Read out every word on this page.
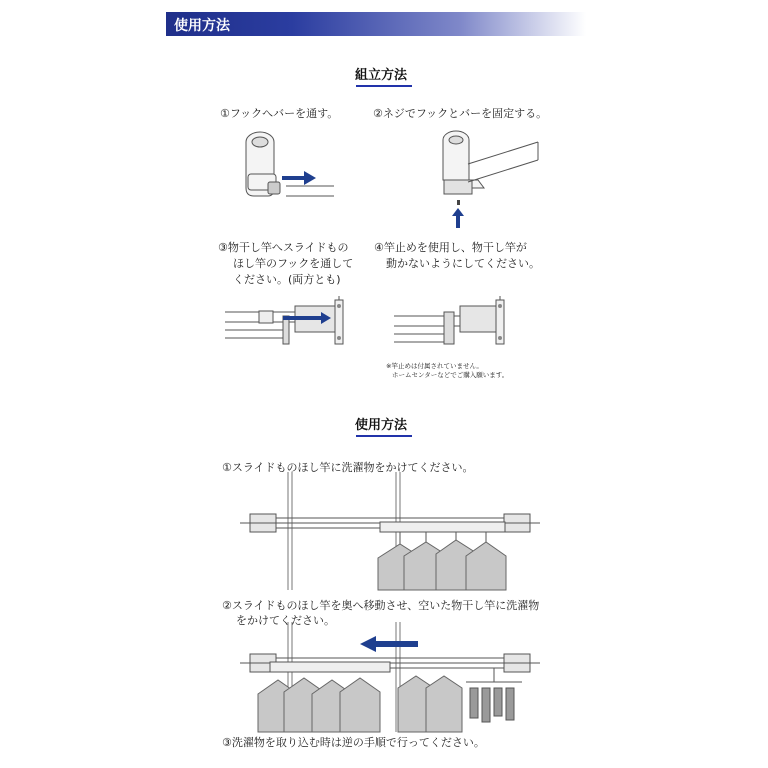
使用方法
組立方法
①フックへバーを通す。	②ネジでフックとバーを固定する。
③物干し竿へスライドもの
ほし竿のフックを通して
ください。(両方とも)
④竿止めを使用し、物干し竿が
動かないようにしてください。
※竿止めは付属されていません。
ホームセンターなどでご購入願います。
使用方法
①スライドものほし竿に洗濯物をかけてください。
②スライドものほし竿を奥へ移動させ、空いた物干し竿に洗濯物
をかけてください。
③洗濯物を取り込む時は逆の手順で行ってください。
